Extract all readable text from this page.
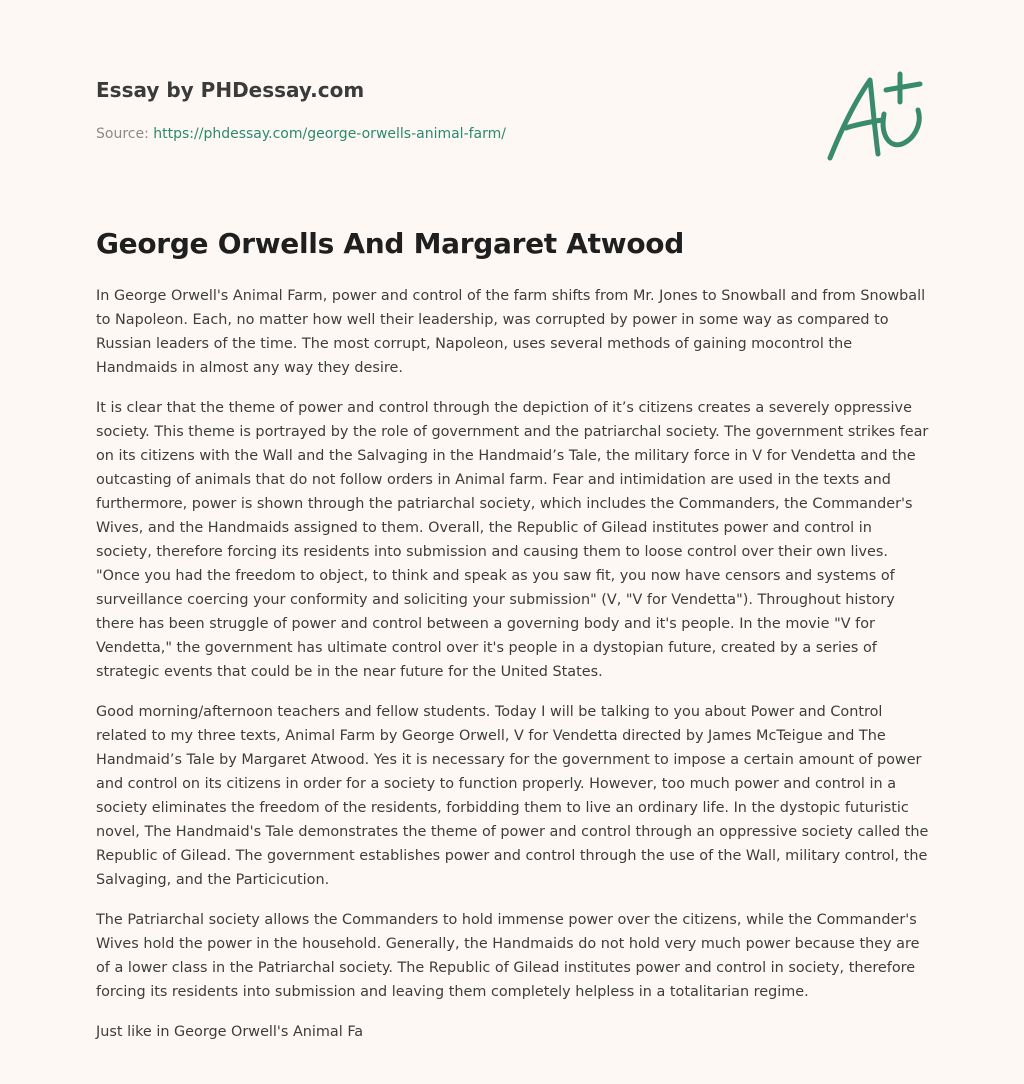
Essay by PHDessay.com
Source: https://phdessay.com/george-orwells-animal-farm/
George Orwells And Margaret Atwood

In George Orwell's Animal Farm, power and control of the farm shifts from Mr. Jones to Snowball and from Snowball to Napoleon. Each, no matter how well their leadership, was corrupted by power in some way as compared to Russian leaders of the time. The most corrupt, Napoleon, uses several methods of gaining mocontrol the Handmaids in almost any way they desire.

It is clear that the theme of power and control through the depiction of it’s citizens creates a severely oppressive society. This theme is portrayed by the role of government and the patriarchal society. The government strikes fear on its citizens with the Wall and the Salvaging in the Handmaid’s Tale, the military force in V for Vendetta and the outcasting of animals that do not follow orders in Animal farm. Fear and intimidation are used in the texts and furthermore, power is shown through the patriarchal society, which includes the Commanders, the Commander's Wives, and the Handmaids assigned to them. Overall, the Republic of Gilead institutes power and control in society, therefore forcing its residents into submission and causing them to loose control over their own lives. "Once you had the freedom to object, to think and speak as you saw fit, you now have censors and systems of surveillance coercing your conformity and soliciting your submission" (V, "V for Vendetta"). Throughout history there has been struggle of power and control between a governing body and it's people. In the movie "V for Vendetta," the government has ultimate control over it's people in a dystopian future, created by a series of strategic events that could be in the near future for the United States.

Good morning/afternoon teachers and fellow students. Today I will be talking to you about Power and Control related to my three texts, Animal Farm by George Orwell, V for Vendetta directed by James McTeigue and The Handmaid’s Tale by Margaret Atwood. Yes it is necessary for the government to impose a certain amount of power and control on its citizens in order for a society to function properly. However, too much power and control in a society eliminates the freedom of the residents, forbidding them to live an ordinary life. In the dystopic futuristic novel, The Handmaid's Tale demonstrates the theme of power and control through an oppressive society called the Republic of Gilead. The government establishes power and control through the use of the Wall, military control, the Salvaging, and the Particicution.

The Patriarchal society allows the Commanders to hold immense power over the citizens, while the Commander's Wives hold the power in the household. Generally, the Handmaids do not hold very much power because they are of a lower class in the Patriarchal society. The Republic of Gilead institutes power and control in society, therefore forcing its residents into submission and leaving them completely helpless in a totalitarian regime.

Just like in George Orwell's Animal Fa
